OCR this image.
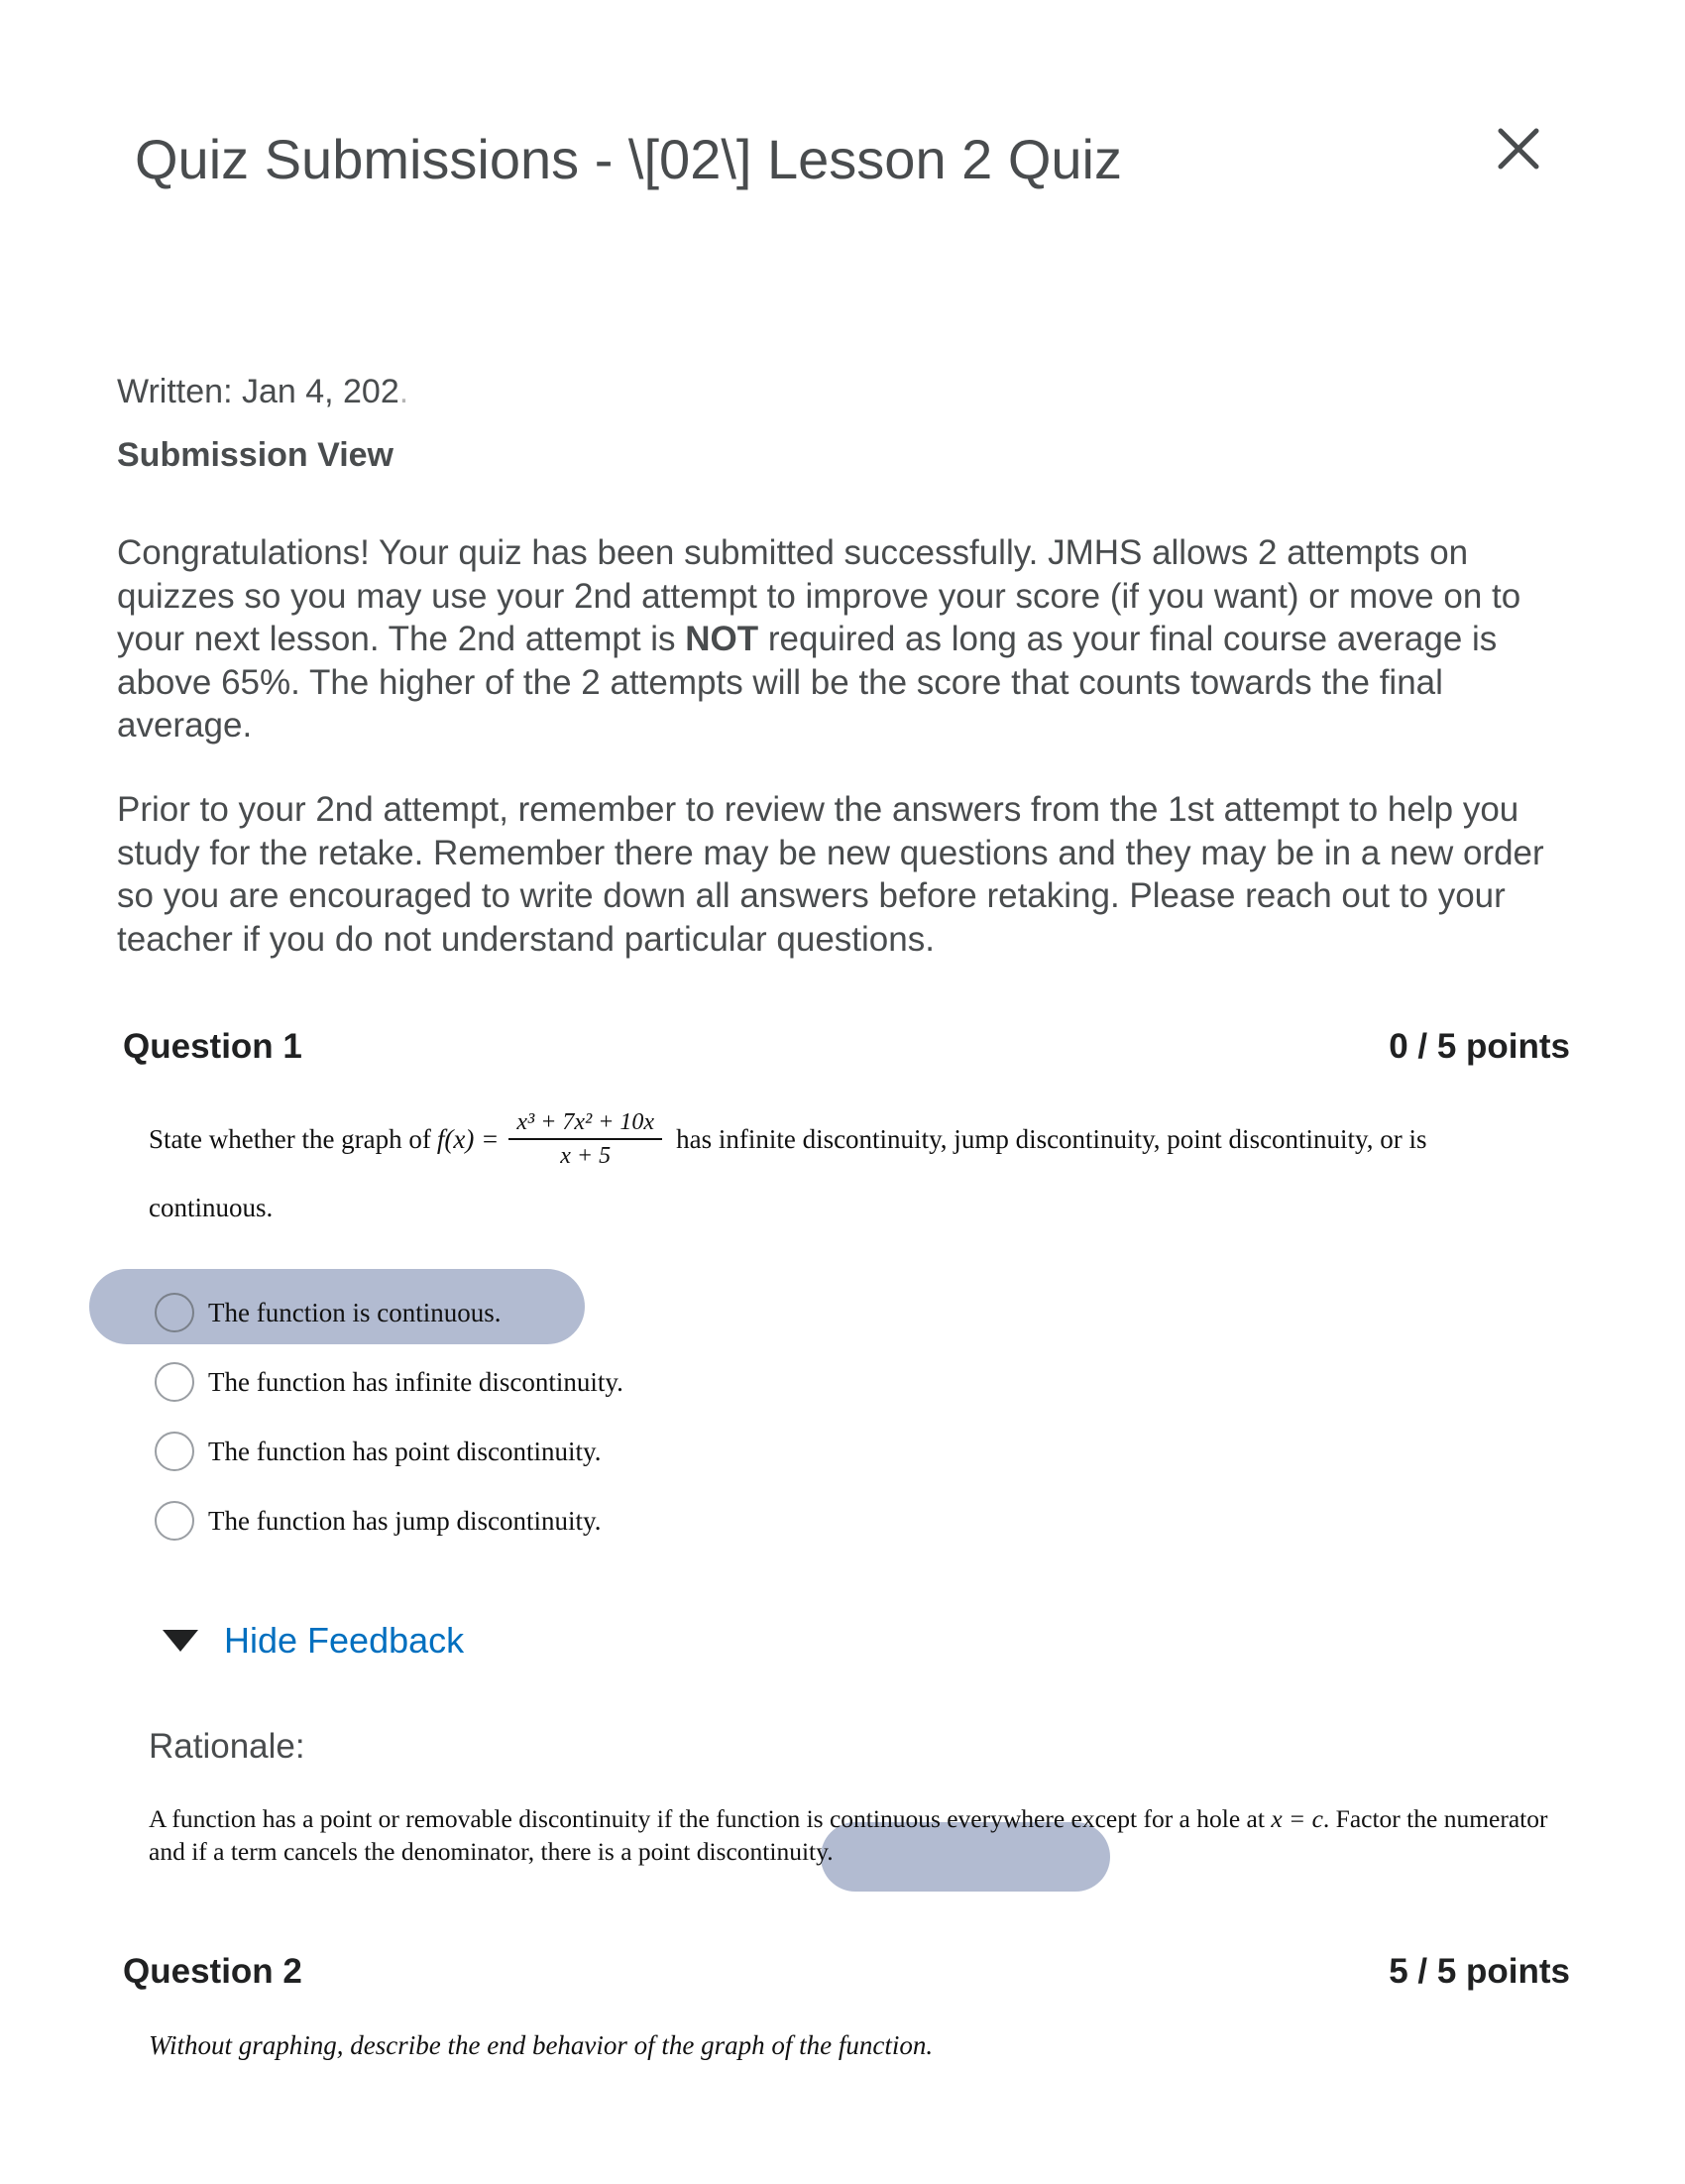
Quiz Submissions - \[02\] Lesson 2 Quiz
Written: Jan 4, 202.
Submission View

Congratulations! Your quiz has been submitted successfully. JMHS allows 2 attempts on quizzes so you may use your 2nd attempt to improve your score (if you want) or move on to your next lesson. The 2nd attempt is NOT required as long as your final course average is above 65%. The higher of the 2 attempts will be the score that counts towards the final average.

Prior to your 2nd attempt, remember to review the answers from the 1st attempt to help you study for the retake. Remember there may be new questions and they may be in a new order so you are encouraged to write down all answers before retaking. Please reach out to your teacher if you do not understand particular questions.

Question 1	0 / 5 points
State whether the graph of $f(x) = \frac{\text{x³ + 7x² + 10x}}{x + 5}$ has infinite discontinuity, jump discontinuity, point discontinuity, or is
continuous.
The function is continuous.
The function has infinite discontinuity.
The function has point discontinuity.
The function has jump discontinuity.
Hide Feedback
Rationale:
A function has a point or removable discontinuity if the function is continuous everywhere except for a hole at x = c. Factor the numerator and if a term cancels the denominator, there is a point discontinuity.
Question 2	5 / 5 points
Without graphing, describe the end behavior of the graph of the function.
